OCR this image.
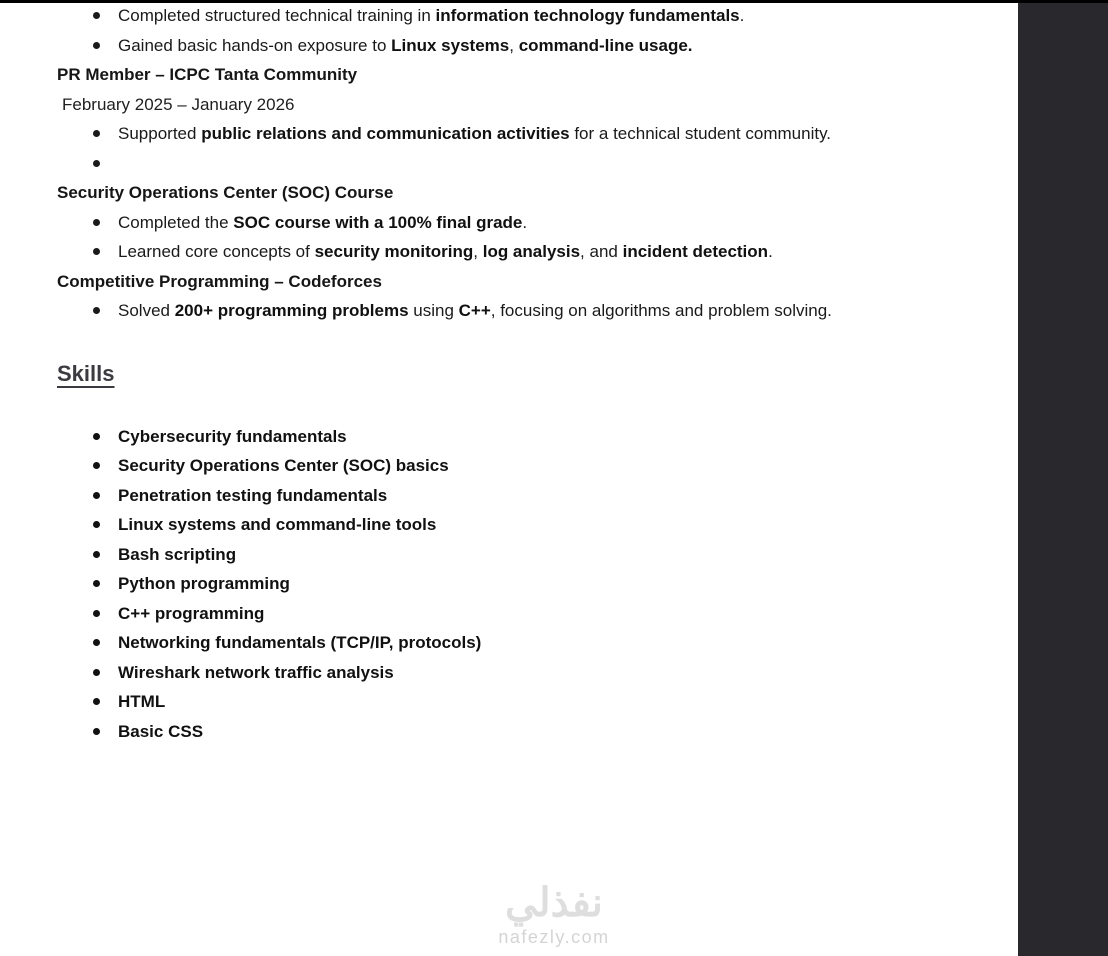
نفذلي
nafezly.com
Completed structured technical training in information technology fundamentals.
Gained basic hands-on exposure to Linux systems, command-line usage.
PR Member – ICPC Tanta Community

February 2025 – January 2026

Supported public relations and communication activities for a technical student community.
Security Operations Center (SOC) Course
Completed the SOC course with a 100% final grade.
Learned core concepts of security monitoring, log analysis, and incident detection.
Competitive Programming – Codeforces
Solved 200+ programming problems using C++, focusing on algorithms and problem solving.
Skills
Cybersecurity fundamentals
Security Operations Center (SOC) basics
Penetration testing fundamentals
Linux systems and command-line tools
Bash scripting
Python programming
C++ programming
Networking fundamentals (TCP/IP, protocols)
Wireshark network traffic analysis
HTML
Basic CSS
